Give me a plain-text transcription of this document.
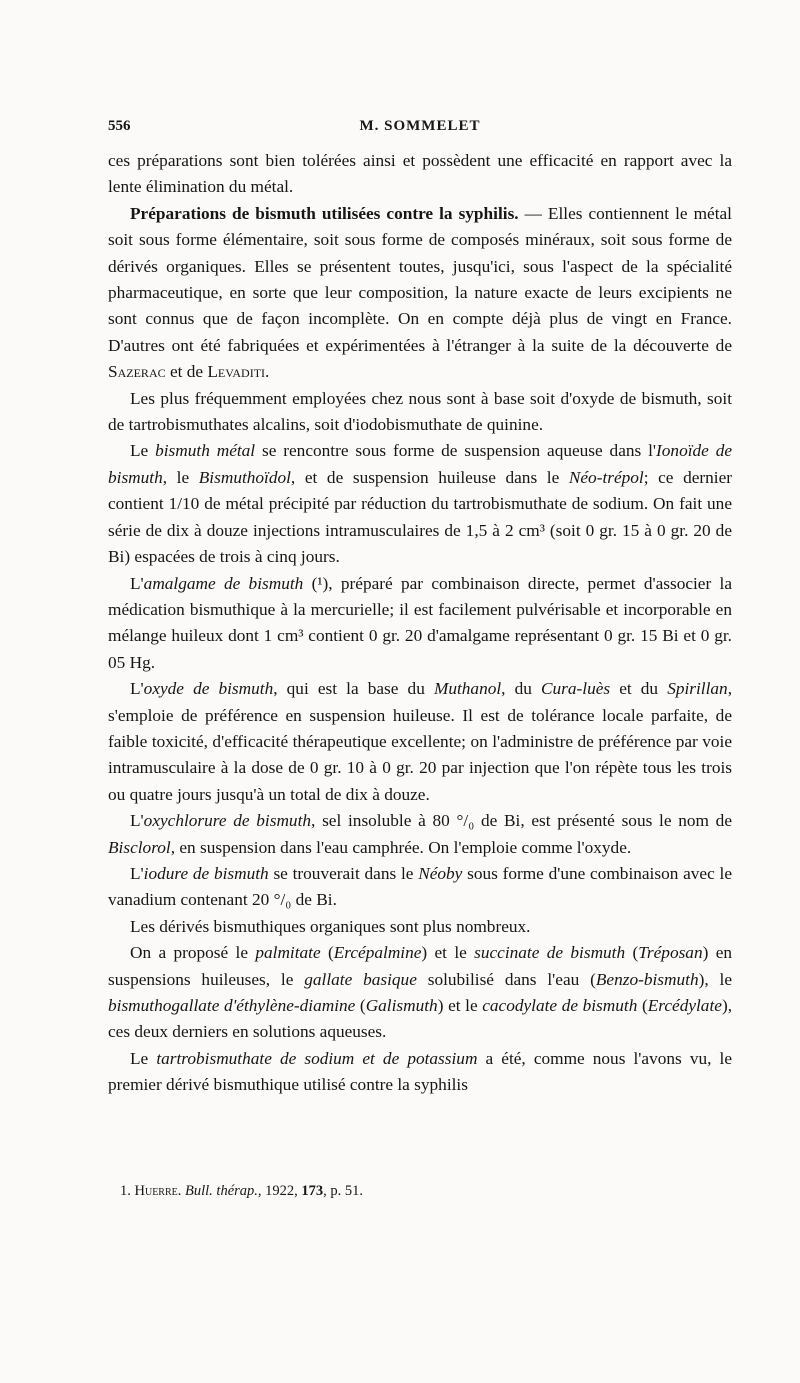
556	M. SOMMELET

ces préparations sont bien tolérées ainsi et possèdent une efficacité en rapport avec la lente élimination du métal.

Préparations de bismuth utilisées contre la syphilis. — Elles contiennent le métal soit sous forme élémentaire, soit sous forme de composés minéraux, soit sous forme de dérivés organiques. Elles se présentent toutes, jusqu'ici, sous l'aspect de la spécialité pharmaceutique, en sorte que leur composition, la nature exacte de leurs excipients ne sont connus que de façon incomplète. On en compte déjà plus de vingt en France. D'autres ont été fabriquées et expérimentées à l'étranger à la suite de la découverte de Sazerac et de Levaditi.

Les plus fréquemment employées chez nous sont à base soit d'oxyde de bismuth, soit de tartrobismuthates alcalins, soit d'iodobismuthate de quinine.

Le bismuth métal se rencontre sous forme de suspension aqueuse dans l'Ionoïde de bismuth, le Bismuthoïdol, et de suspension huileuse dans le Néo-trépol; ce dernier contient 1/10 de métal précipité par réduction du tartrobismuthate de sodium. On fait une série de dix à douze injections intramusculaires de 1,5 à 2 cm³ (soit 0 gr. 15 à 0 gr. 20 de Bi) espacées de trois à cinq jours.

L'amalgame de bismuth (¹), préparé par combinaison directe, permet d'associer la médication bismuthique à la mercurielle; il est facilement pulvérisable et incorporable en mélange huileux dont 1 cm³ contient 0 gr. 20 d'amalgame représentant 0 gr. 15 Bi et 0 gr. 05 Hg.

L'oxyde de bismuth, qui est la base du Muthanol, du Cura-luès et du Spirillan, s'emploie de préférence en suspension huileuse. Il est de tolérance locale parfaite, de faible toxicité, d'efficacité thérapeutique excellente; on l'administre de préférence par voie intramusculaire à la dose de 0 gr. 10 à 0 gr. 20 par injection que l'on répète tous les trois ou quatre jours jusqu'à un total de dix à douze.

L'oxychlorure de bismuth, sel insoluble à 80 °/₀ de Bi, est présenté sous le nom de Bisclorol, en suspension dans l'eau camphrée. On l'emploie comme l'oxyde.

L'iodure de bismuth se trouverait dans le Néoby sous forme d'une combinaison avec le vanadium contenant 20 °/₀ de Bi.

Les dérivés bismuthiques organiques sont plus nombreux.

On a proposé le palmitate (Ercépalmine) et le succinate de bismuth (Tréposan) en suspensions huileuses, le gallate basique solubilisé dans l'eau (Benzo-bismuth), le bismuthogallate d'éthylène-diamine (Galismuth) et le cacodylate de bismuth (Ercédylate), ces deux derniers en solutions aqueuses.

Le tartrobismuthate de sodium et de potassium a été, comme nous l'avons vu, le premier dérivé bismuthique utilisé contre la syphilis

1. Huerre. Bull. thérap., 1922, 173, p. 51.
